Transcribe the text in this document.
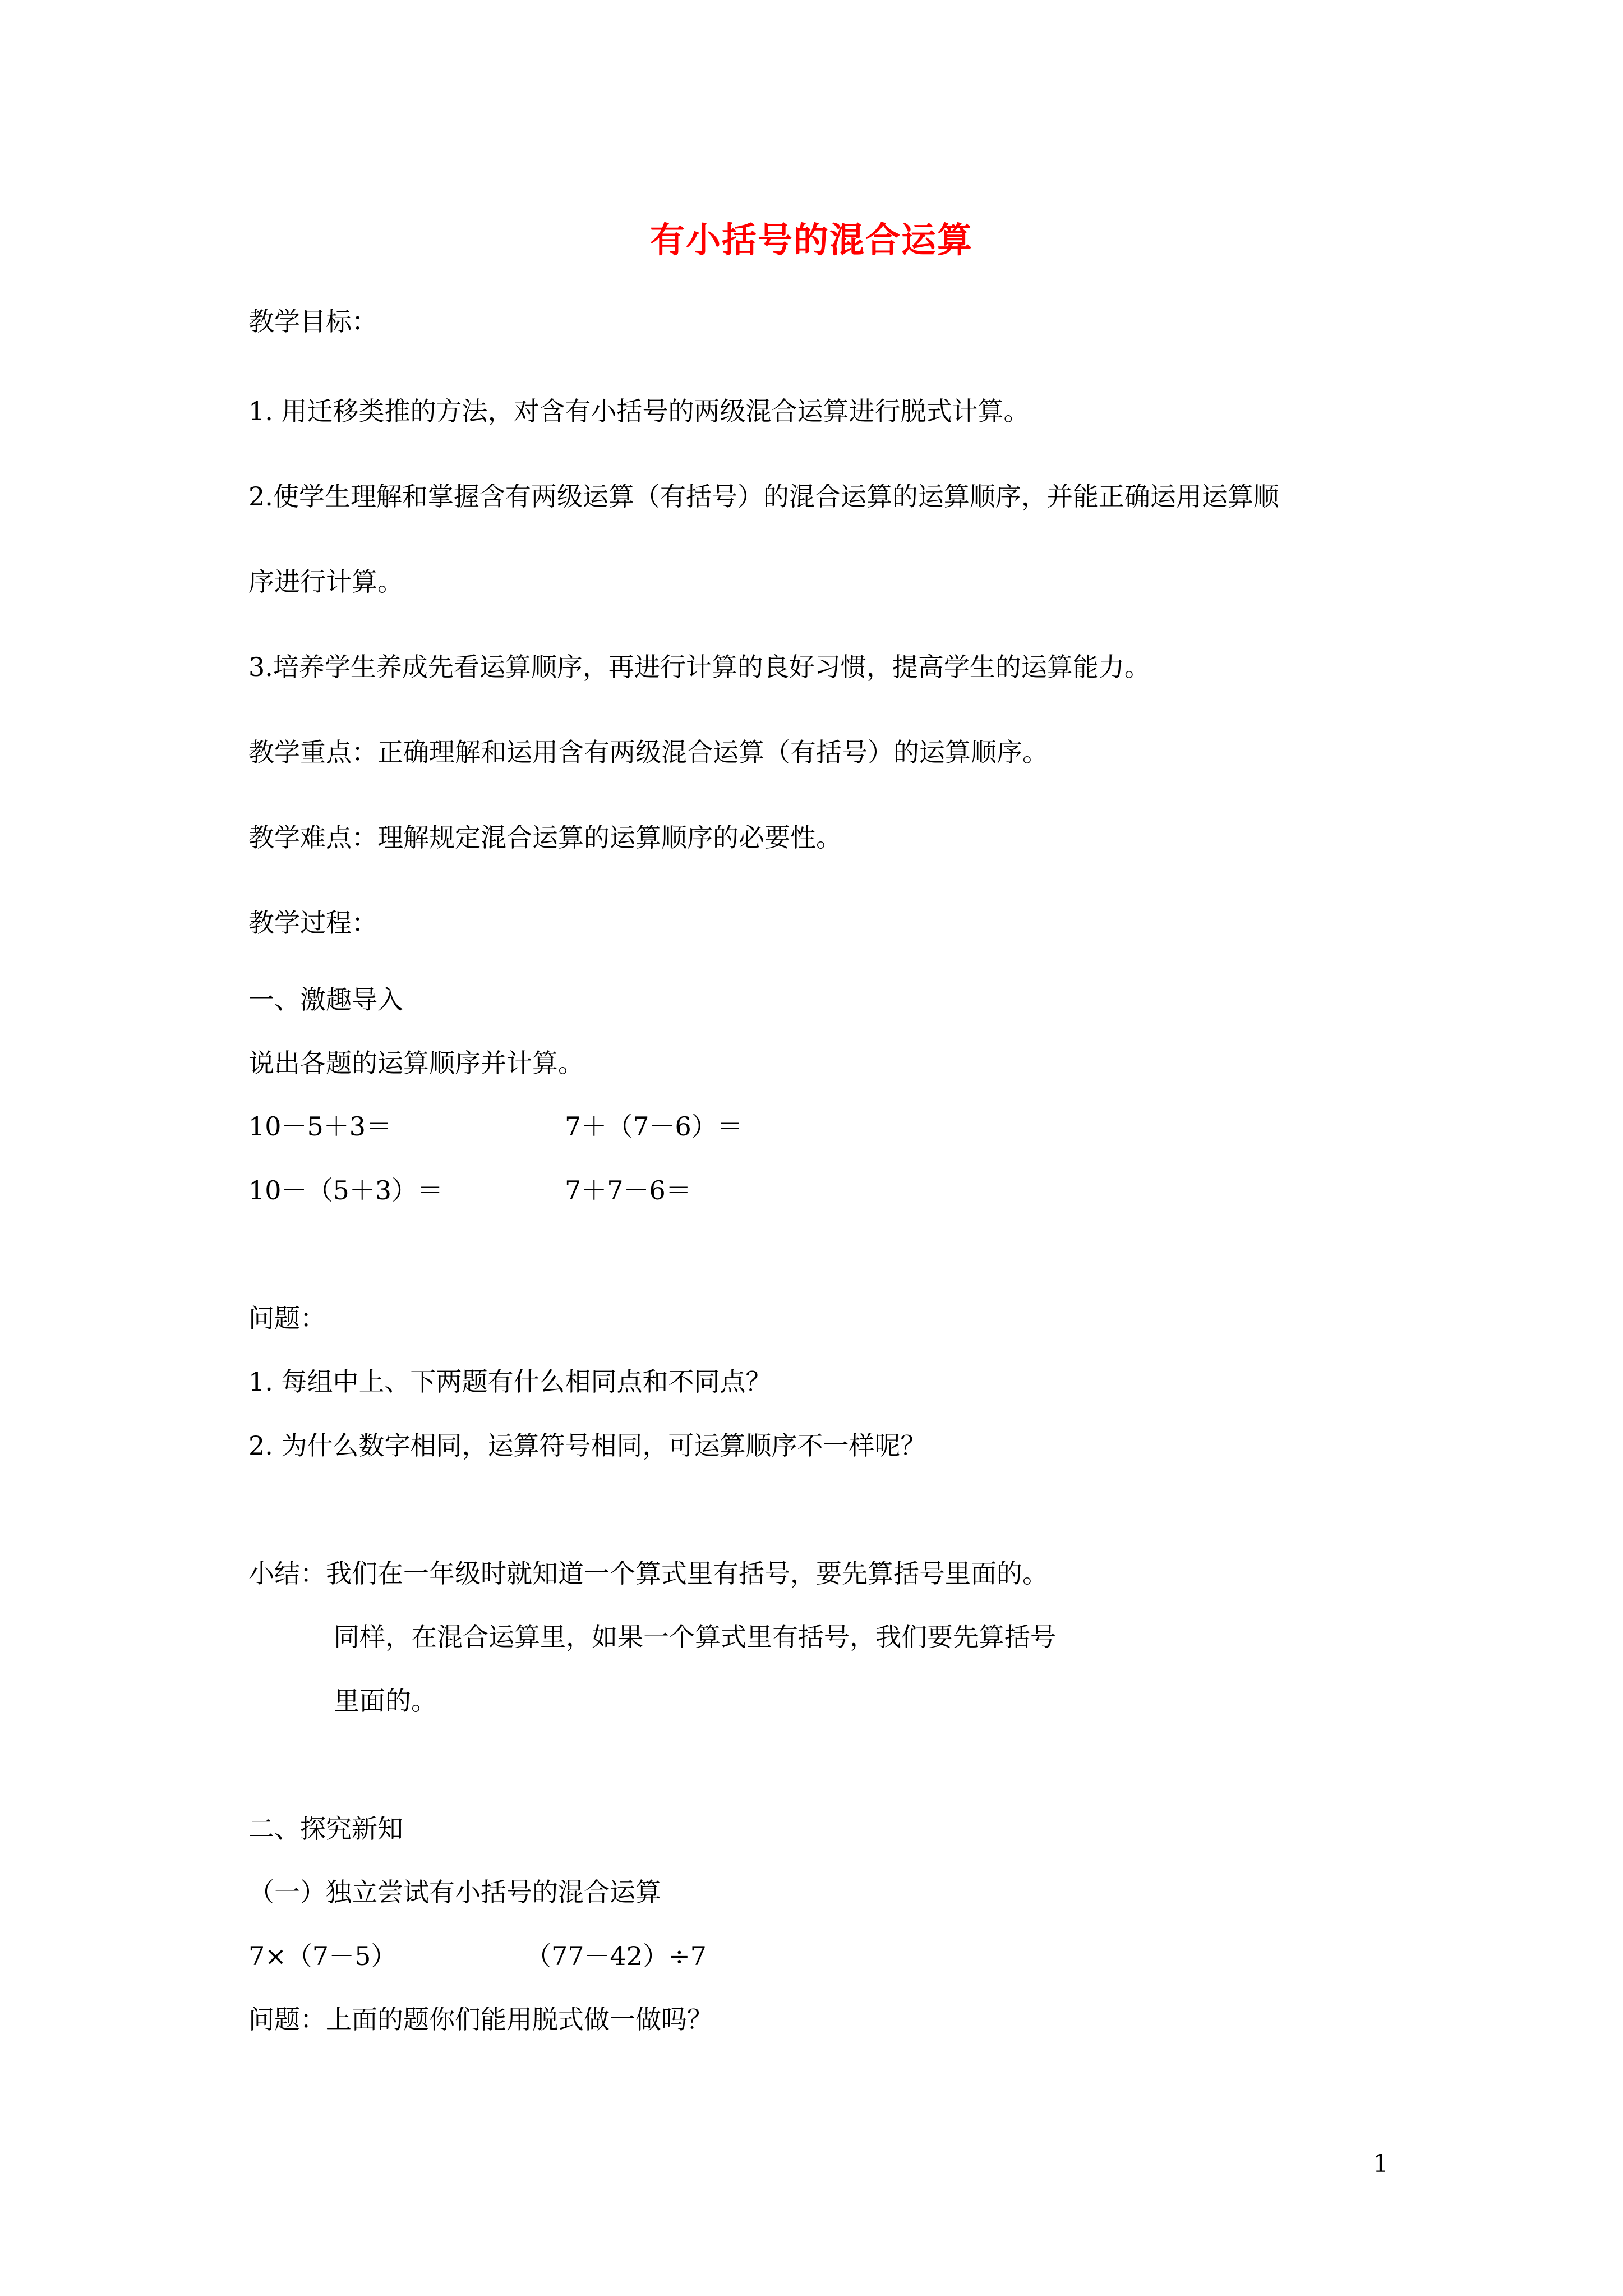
有小括号的混合运算
教学目标：
1. 用迁移类推的方法，对含有小括号的两级混合运算进行脱式计算。
2.使学生理解和掌握含有两级运算（有括号）的混合运算的运算顺序，并能正确运用运算顺
序进行计算。
3.培养学生养成先看运算顺序，再进行计算的良好习惯，提高学生的运算能力。
教学重点：正确理解和运用含有两级混合运算（有括号）的运算顺序。
教学难点：理解规定混合运算的运算顺序的必要性。
教学过程：
一、激趣导入
说出各题的运算顺序并计算。
10－5＋3＝	7＋（7－6）＝
10－（5＋3）＝	7＋7－6＝
问题：
1. 每组中上、下两题有什么相同点和不同点？
2. 为什么数字相同，运算符号相同，可运算顺序不一样呢？
小结：我们在一年级时就知道一个算式里有括号，要先算括号里面的。
同样，在混合运算里，如果一个算式里有括号，我们要先算括号
里面的。
二、探究新知
（一）独立尝试有小括号的混合运算
7×（7－5）	（77－42）÷7
问题：上面的题你们能用脱式做一做吗？
1
